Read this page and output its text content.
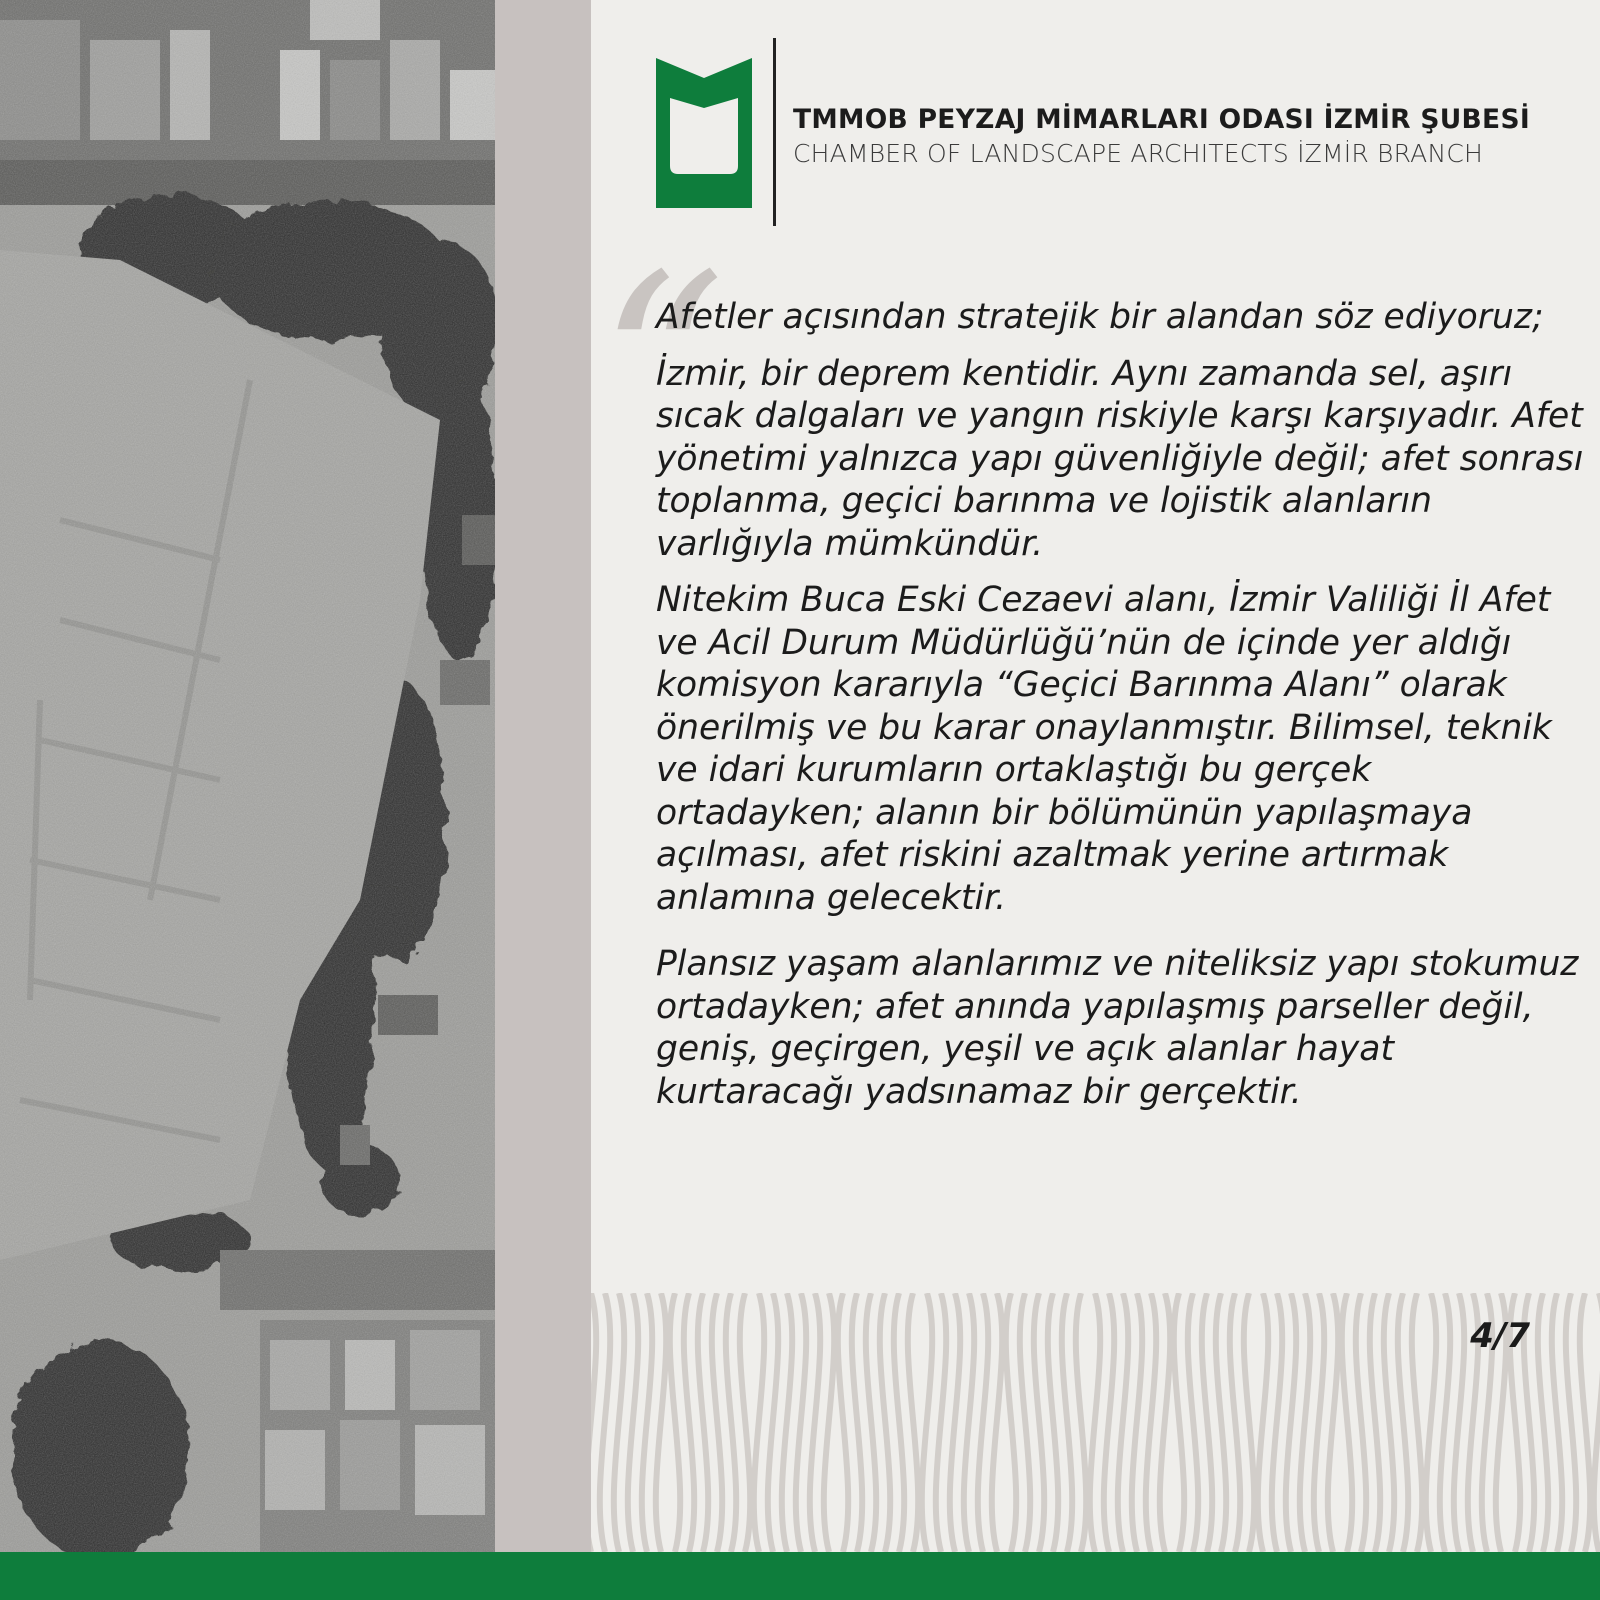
TMMOB PEYZAJ MİMARLARI ODASI İZMİR ŞUBESİ
CHAMBER OF LANDSCAPE ARCHITECTS İZMİR BRANCH
“

Afetler açısından stratejik bir alandan söz ediyoruz;

İzmir, bir deprem kentidir. Aynı zamanda sel, aşırı sıcak dalgaları ve yangın riskiyle karşı karşıyadır. Afet yönetimi yalnızca yapı güvenliğiyle değil; afet sonrası toplanma, geçici barınma ve lojistik alanların varlığıyla mümkündür.

Nitekim Buca Eski Cezaevi alanı, İzmir Valiliği İl Afet ve Acil Durum Müdürlüğü’nün de içinde yer aldığı komisyon kararıyla “Geçici Barınma Alanı” olarak önerilmiş ve bu karar onaylanmıştır. Bilimsel, teknik ve idari kurumların ortaklaştığı bu gerçek ortadayken; alanın bir bölümünün yapılaşmaya açılması, afet riskini azaltmak yerine artırmak anlamına gelecektir.

Plansız yaşam alanlarımız ve niteliksiz yapı stokumuz ortadayken; afet anında yapılaşmış parseller değil, geniş, geçirgen, yeşil ve açık alanlar hayat kurtaracağı yadsınamaz bir gerçektir.

4/7
